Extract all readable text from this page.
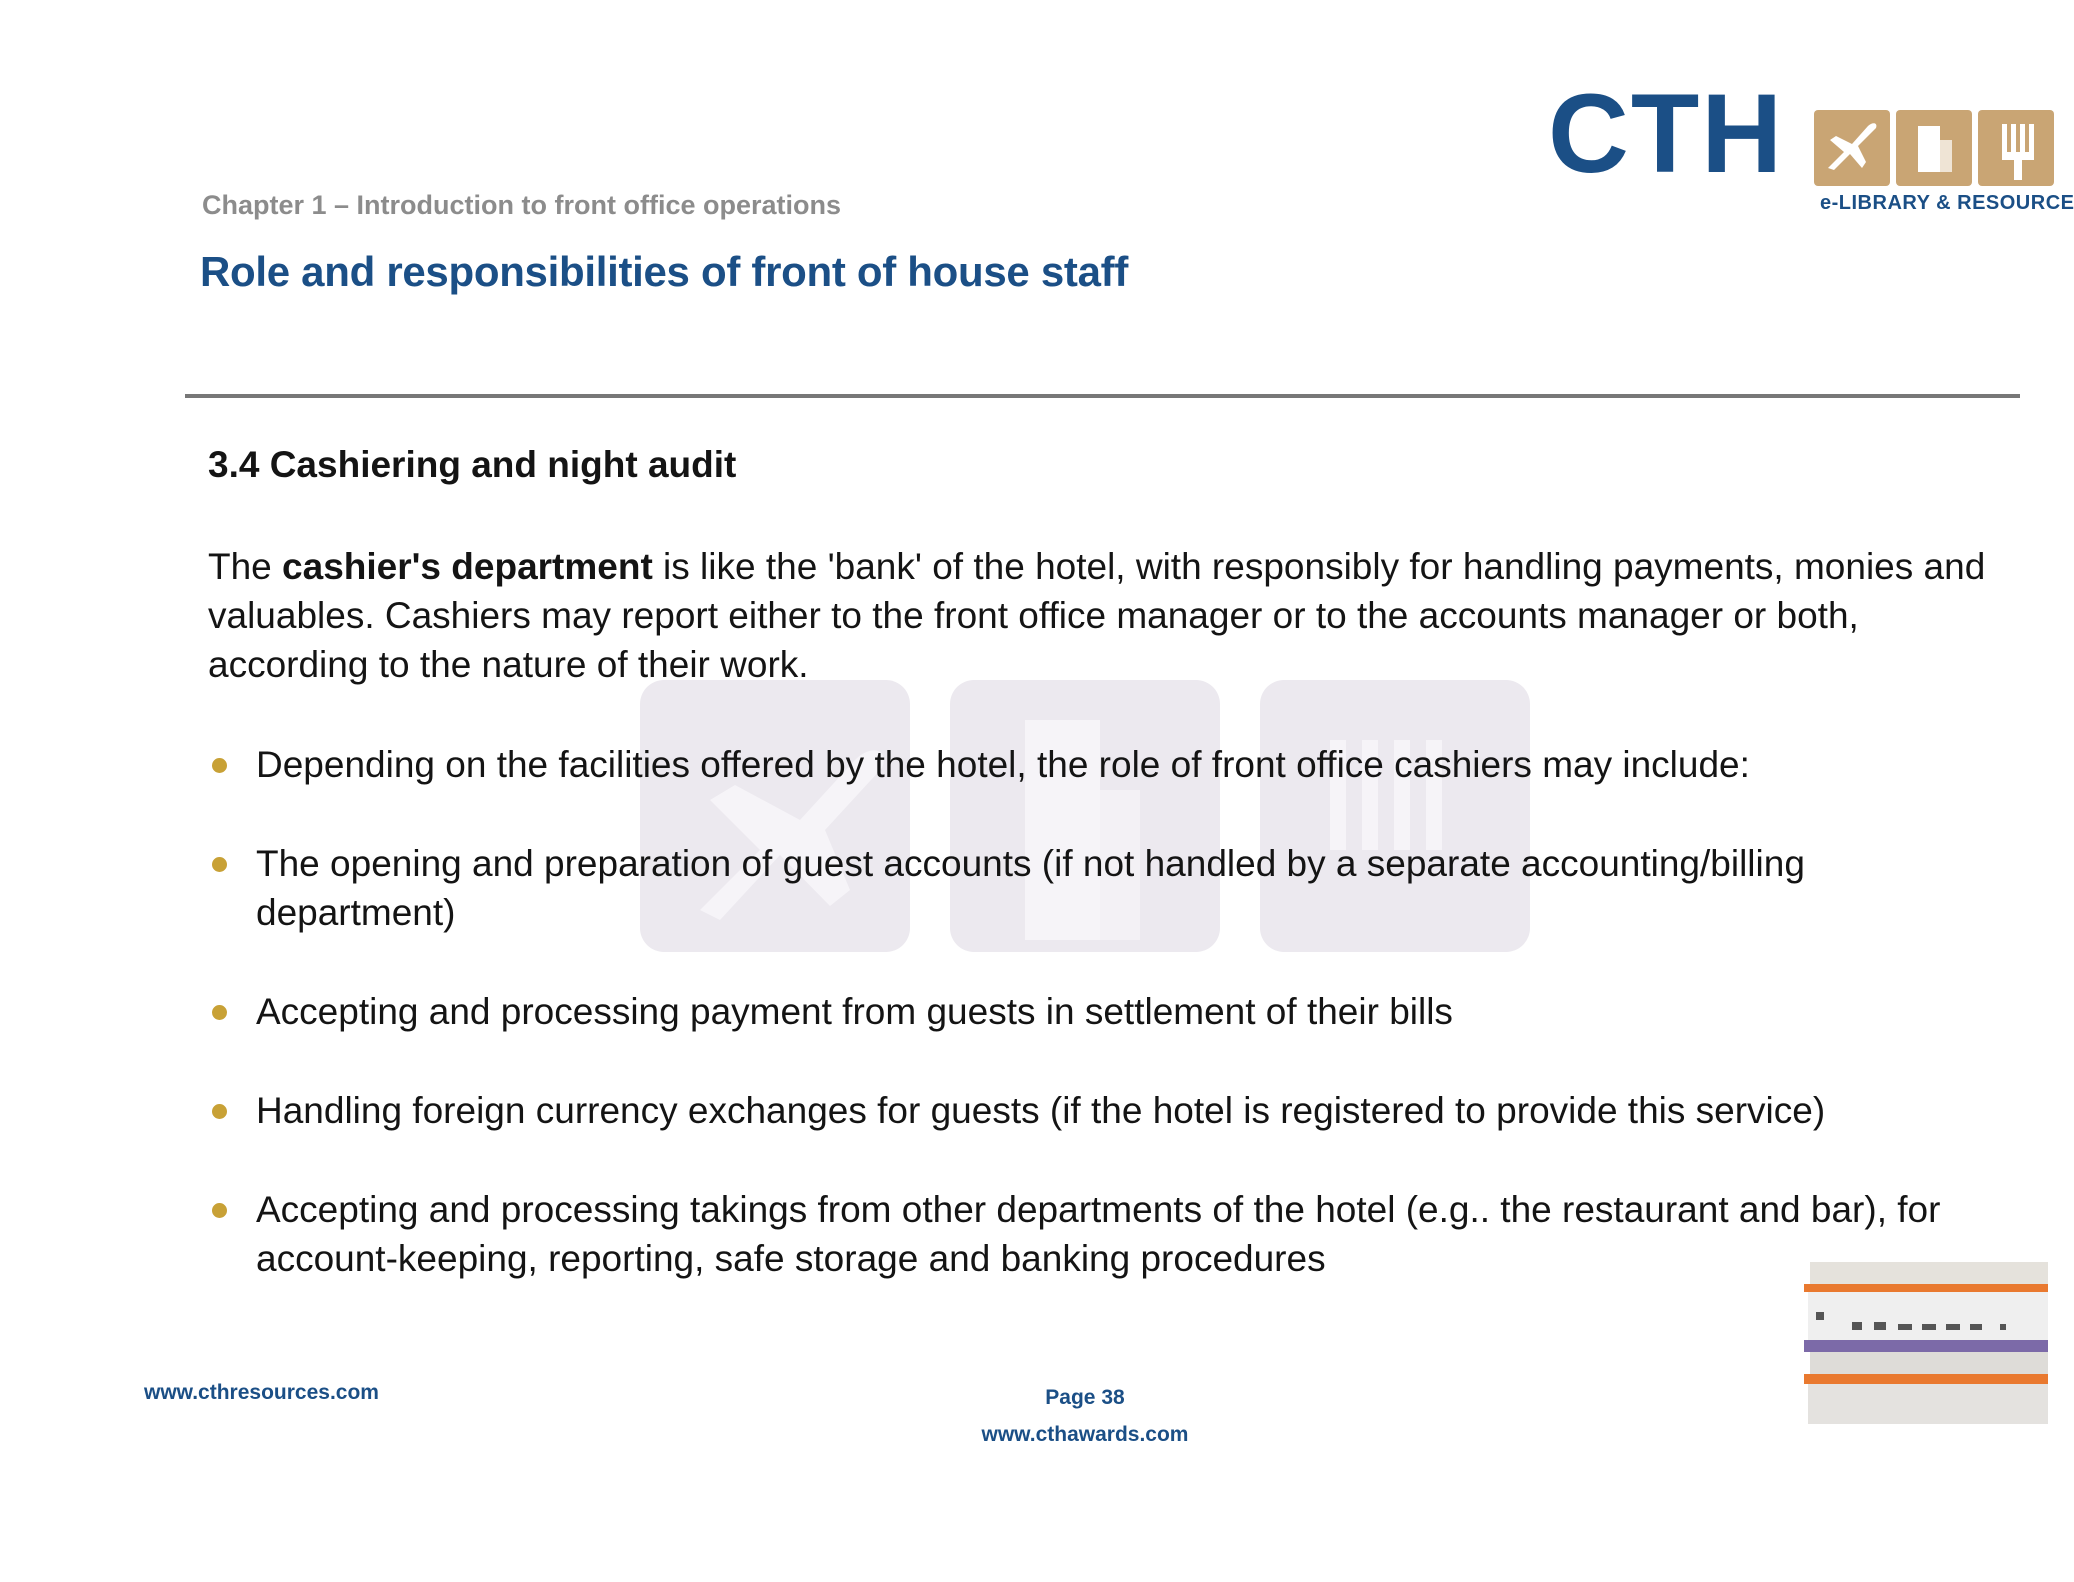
Chapter 1 – Introduction to front office operations
Role and responsibilities of front of house staff
CTH
e-LIBRARY & RESOURCE
3.4 Cashiering and night audit

The cashier's department is like the 'bank' of the hotel, with responsibly for handling payments, monies and valuables. Cashiers may report either to the front office manager or to the accounts manager or both, according to the nature of their work.

Depending on the facilities offered by the hotel, the role of front office cashiers may include:
The opening and preparation of guest accounts (if not handled by a separate accounting/billing department)
Accepting and processing payment from guests in settlement of their bills
Handling foreign currency exchanges for guests (if the hotel is registered to provide this service)
Accepting and processing takings from other departments of the hotel (e.g.. the restaurant and bar), for account-keeping, reporting, safe storage and banking procedures
www.cthresources.com	Page 38
www.cthawards.com
